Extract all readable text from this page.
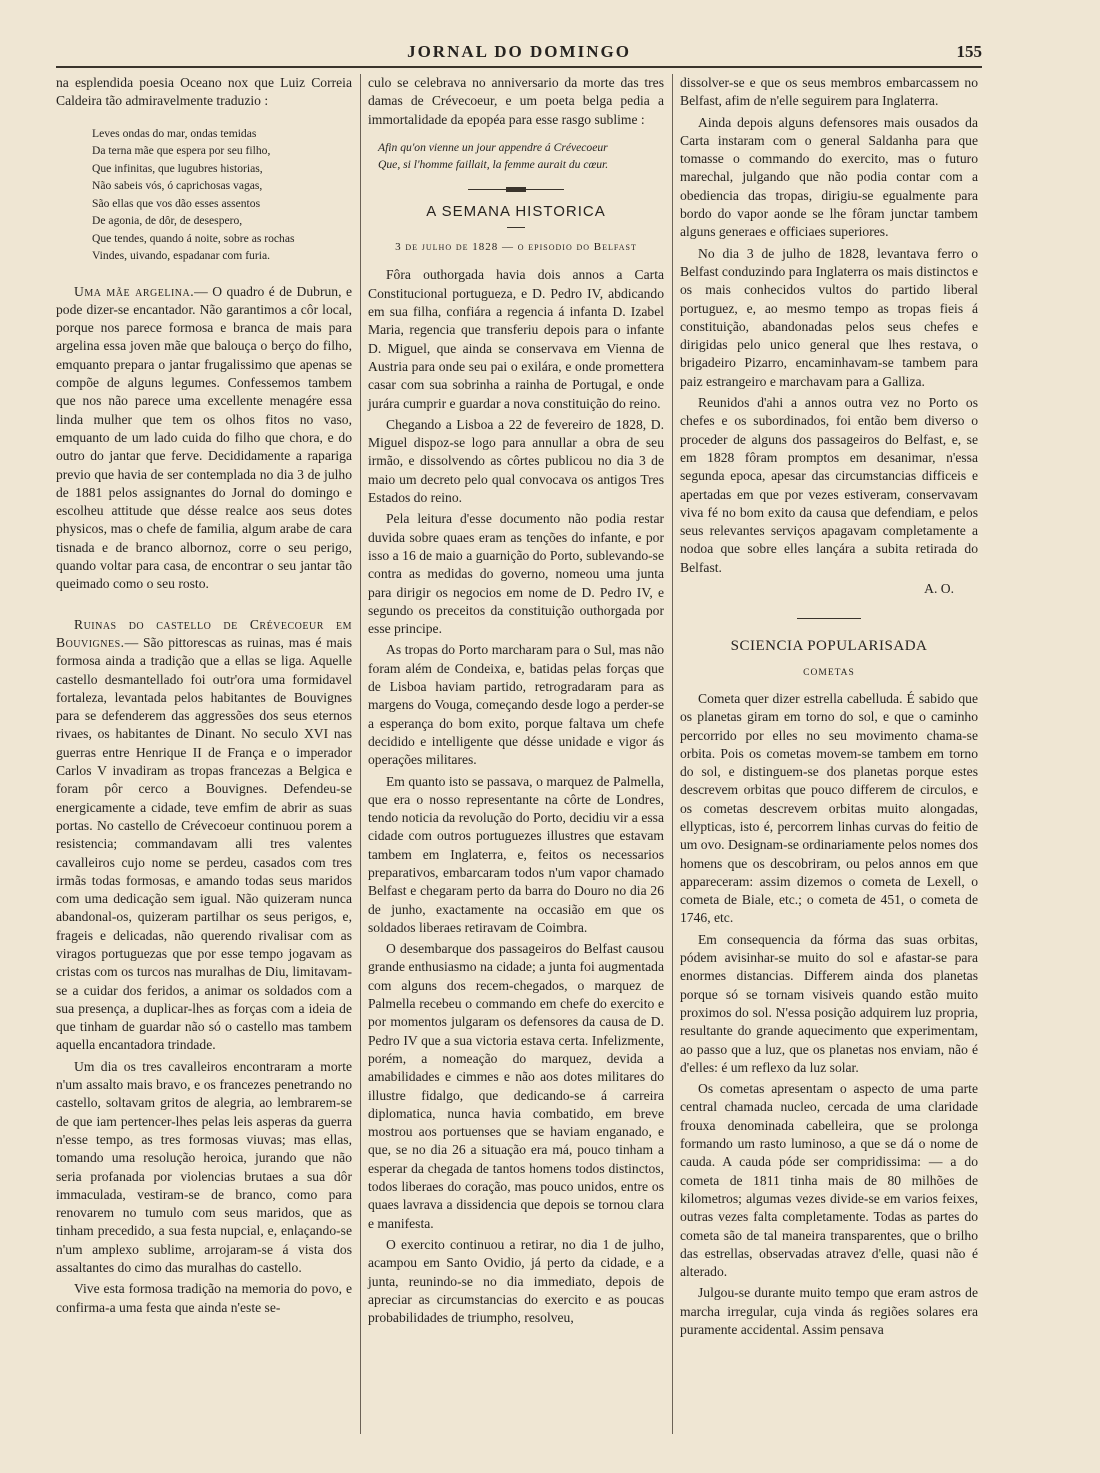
JORNAL DO DOMINGO	155

na esplendida poesia Oceano nox que Luiz Correia Caldeira tão admiravelmente traduzio :

Leves ondas do mar, ondas temidas
Da terna mãe que espera por seu filho,
Que infinitas, que lugubres historias,
Não sabeis vós, ó caprichosas vagas,
São ellas que vos dão esses assentos
De agonia, de dôr, de desespero,
Que tendes, quando á noite, sobre as rochas
Vindes, uivando, espadanar com furia.

Uma mãe argelina.— O quadro é de Dubrun, e pode dizer-se encantador. Não garantimos a côr local, porque nos parece formosa e branca de mais para argelina essa joven mãe que balouça o berço do filho, emquanto prepara o jantar frugalissimo que apenas se compõe de alguns legumes. Confessemos tambem que nos não parece uma excellente menagére essa linda mulher que tem os olhos fitos no vaso, emquanto de um lado cuida do filho que chora, e do outro do jantar que ferve. Decididamente a rapariga previo que havia de ser contemplada no dia 3 de julho de 1881 pelos assignantes do Jornal do domingo e escolheu attitude que désse realce aos seus dotes physicos, mas o chefe de familia, algum arabe de cara tisnada e de branco albornoz, corre o seu perigo, quando voltar para casa, de encontrar o seu jantar tão queimado como o seu rosto.

Ruinas do castello de Crévecoeur em Bouvignes.— São pittorescas as ruinas, mas é mais formosa ainda a tradição que a ellas se liga. Aquelle castello desmantellado foi outr'ora uma formidavel fortaleza, levantada pelos habitantes de Bouvignes para se defenderem das aggressões dos seus eternos rivaes, os habitantes de Dinant. No seculo XVI nas guerras entre Henrique II de França e o imperador Carlos V invadiram as tropas francezas a Belgica e foram pôr cerco a Bouvignes. Defendeu-se energicamente a cidade, teve emfim de abrir as suas portas. No castello de Crévecoeur continuou porem a resistencia; commandavam alli tres valentes cavalleiros cujo nome se perdeu, casados com tres irmãs todas formosas, e amando todas seus maridos com uma dedicação sem igual. Não quizeram nunca abandonal-os, quizeram partilhar os seus perigos, e, frageis e delicadas, não querendo rivalisar com as viragos portuguezas que por esse tempo jogavam as cristas com os turcos nas muralhas de Diu, limitavam-se a cuidar dos feridos, a animar os soldados com a sua presença, a duplicar-lhes as forças com a ideia de que tinham de guardar não só o castello mas tambem aquella encantadora trindade.

Um dia os tres cavalleiros encontraram a morte n'um assalto mais bravo, e os francezes penetrando no castello, soltavam gritos de alegria, ao lembrarem-se de que iam pertencer-lhes pelas leis asperas da guerra n'esse tempo, as tres formosas viuvas; mas ellas, tomando uma resolução heroica, jurando que não seria profanada por violencias brutaes a sua dôr immaculada, vestiram-se de branco, como para renovarem no tumulo com seus maridos, que as tinham precedido, a sua festa nupcial, e, enlaçando-se n'um amplexo sublime, arrojaram-se á vista dos assaltantes do cimo das muralhas do castello.

Vive esta formosa tradição na memoria do povo, e confirma-a uma festa que ainda n'este se-

culo se celebrava no anniversario da morte das tres damas de Crévecoeur, e um poeta belga pedia a immortalidade da epopéa para esse rasgo sublime :

Afin qu'on vienne un jour appendre á Crévecoeur
Que, si l'homme faillait, la femme aurait du cœur.
A SEMANA HISTORICA
3 de julho de 1828 — o episodio do Belfast

Fôra outhorgada havia dois annos a Carta Constitucional portugueza, e D. Pedro IV, abdicando em sua filha, confiára a regencia á infanta D. Izabel Maria, regencia que transferiu depois para o infante D. Miguel, que ainda se conservava em Vienna de Austria para onde seu pai o exilára, e onde promettera casar com sua sobrinha a rainha de Portugal, e onde jurára cumprir e guardar a nova constituição do reino.

Chegando a Lisboa a 22 de fevereiro de 1828, D. Miguel dispoz-se logo para annullar a obra de seu irmão, e dissolvendo as côrtes publicou no dia 3 de maio um decreto pelo qual convocava os antigos Tres Estados do reino.

Pela leitura d'esse documento não podia restar duvida sobre quaes eram as tenções do infante, e por isso a 16 de maio a guarnição do Porto, sublevando-se contra as medidas do governo, nomeou uma junta para dirigir os negocios em nome de D. Pedro IV, e segundo os preceitos da constituição outhorgada por esse principe.

As tropas do Porto marcharam para o Sul, mas não foram além de Condeixa, e, batidas pelas forças que de Lisboa haviam partido, retrogradaram para as margens do Vouga, começando desde logo a perder-se a esperança do bom exito, porque faltava um chefe decidido e intelligente que désse unidade e vigor ás operações militares.

Em quanto isto se passava, o marquez de Palmella, que era o nosso representante na côrte de Londres, tendo noticia da revolução do Porto, decidiu vir a essa cidade com outros portuguezes illustres que estavam tambem em Inglaterra, e, feitos os necessarios preparativos, embarcaram todos n'um vapor chamado Belfast e chegaram perto da barra do Douro no dia 26 de junho, exactamente na occasião em que os soldados liberaes retiravam de Coimbra.

O desembarque dos passageiros do Belfast causou grande enthusiasmo na cidade; a junta foi augmentada com alguns dos recem-chegados, o marquez de Palmella recebeu o commando em chefe do exercito e por momentos julgaram os defensores da causa de D. Pedro IV que a sua victoria estava certa. Infelizmente, porém, a nomeação do marquez, devida a amabilidades e cimmes e não aos dotes militares do illustre fidalgo, que dedicando-se á carreira diplomatica, nunca havia combatido, em breve mostrou aos portuenses que se haviam enganado, e que, se no dia 26 a situação era má, pouco tinham a esperar da chegada de tantos homens todos distinctos, todos liberaes do coração, mas pouco unidos, entre os quaes lavrava a dissidencia que depois se tornou clara e manifesta.

O exercito continuou a retirar, no dia 1 de julho, acampou em Santo Ovidio, já perto da cidade, e a junta, reunindo-se no dia immediato, depois de apreciar as circumstancias do exercito e as poucas probabilidades de triumpho, resolveu,

dissolver-se e que os seus membros embarcassem no Belfast, afim de n'elle seguirem para Inglaterra.

Ainda depois alguns defensores mais ousados da Carta instaram com o general Saldanha para que tomasse o commando do exercito, mas o futuro marechal, julgando que não podia contar com a obediencia das tropas, dirigiu-se egualmente para bordo do vapor aonde se lhe fôram junctar tambem alguns generaes e officiaes superiores.

No dia 3 de julho de 1828, levantava ferro o Belfast conduzindo para Inglaterra os mais distinctos e os mais conhecidos vultos do partido liberal portuguez, e, ao mesmo tempo as tropas fieis á constituição, abandonadas pelos seus chefes e dirigidas pelo unico general que lhes restava, o brigadeiro Pizarro, encaminhavam-se tambem para paiz estrangeiro e marchavam para a Galliza.

Reunidos d'ahi a annos outra vez no Porto os chefes e os subordinados, foi então bem diverso o proceder de alguns dos passageiros do Belfast, e, se em 1828 fôram promptos em desanimar, n'essa segunda epoca, apesar das circumstancias difficeis e apertadas em que por vezes estiveram, conservavam viva fé no bom exito da causa que defendiam, e pelos seus relevantes serviços apagavam completamente a nodoa que sobre elles lançára a subita retirada do Belfast.

A. O.
SCIENCIA POPULARISADA
COMETAS

Cometa quer dizer estrella cabelluda. É sabido que os planetas giram em torno do sol, e que o caminho percorrido por elles no seu movimento chama-se orbita. Pois os cometas movem-se tambem em torno do sol, e distinguem-se dos planetas porque estes descrevem orbitas que pouco differem de circulos, e os cometas descrevem orbitas muito alongadas, ellypticas, isto é, percorrem linhas curvas do feitio de um ovo. Designam-se ordinariamente pelos nomes dos homens que os descobriram, ou pelos annos em que appareceram: assim dizemos o cometa de Lexell, o cometa de Biale, etc.; o cometa de 451, o cometa de 1746, etc.

Em consequencia da fórma das suas orbitas, pódem avisinhar-se muito do sol e afastar-se para enormes distancias. Differem ainda dos planetas porque só se tornam visiveis quando estão muito proximos do sol. N'essa posição adquirem luz propria, resultante do grande aquecimento que experimentam, ao passo que a luz, que os planetas nos enviam, não é d'elles: é um reflexo da luz solar.

Os cometas apresentam o aspecto de uma parte central chamada nucleo, cercada de uma claridade frouxa denominada cabelleira, que se prolonga formando um rasto luminoso, a que se dá o nome de cauda. A cauda póde ser compridissima: — a do cometa de 1811 tinha mais de 80 milhões de kilometros; algumas vezes divide-se em varios feixes, outras vezes falta completamente. Todas as partes do cometa são de tal maneira transparentes, que o brilho das estrellas, observadas atravez d'elle, quasi não é alterado.

Julgou-se durante muito tempo que eram astros de marcha irregular, cuja vinda ás regiões solares era puramente accidental. Assim pensava
